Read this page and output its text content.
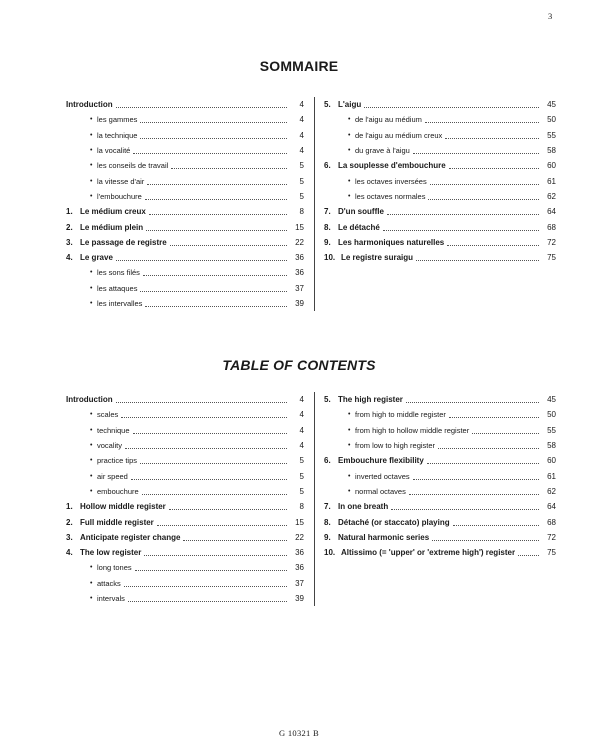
3
SOMMAIRE
Introduction	4
• les gammes	4
• la technique	4
• la vocalité	4
• les conseils de travail	5
• la vitesse d'air	5
• l'embouchure	5
1. Le médium creux	8
2. Le médium plein	15
3. Le passage de registre	22
4. Le grave	36
• les sons filés	36
• les attaques	37
• les intervalles	39
5. L'aigu	45
• de l'aigu au médium	50
• de l'aigu au médium creux	55
• du grave à l'aigu	58
6. La souplesse d'embouchure	60
• les octaves inversées	61
• les octaves normales	62
7. D'un souffle	64
8. Le détaché	68
9. Les harmoniques naturelles	72
10. Le registre suraigu	75
TABLE OF CONTENTS
Introduction	4
• scales	4
• technique	4
• vocality	4
• practice tips	5
• air speed	5
• embouchure	5
1. Hollow middle register	8
2. Full middle register	15
3. Anticipate register change	22
4. The low register	36
• long tones	36
• attacks	37
• intervals	39
5. The high register	45
• from high to middle register	50
• from high to hollow middle register	55
• from low to high register	58
6. Embouchure flexibility	60
• inverted octaves	61
• normal octaves	62
7. In one breath	64
8. Détaché (or staccato) playing	68
9. Natural harmonic series	72
10. Altissimo (= 'upper' or 'extreme high') register	75
G 10321 B
